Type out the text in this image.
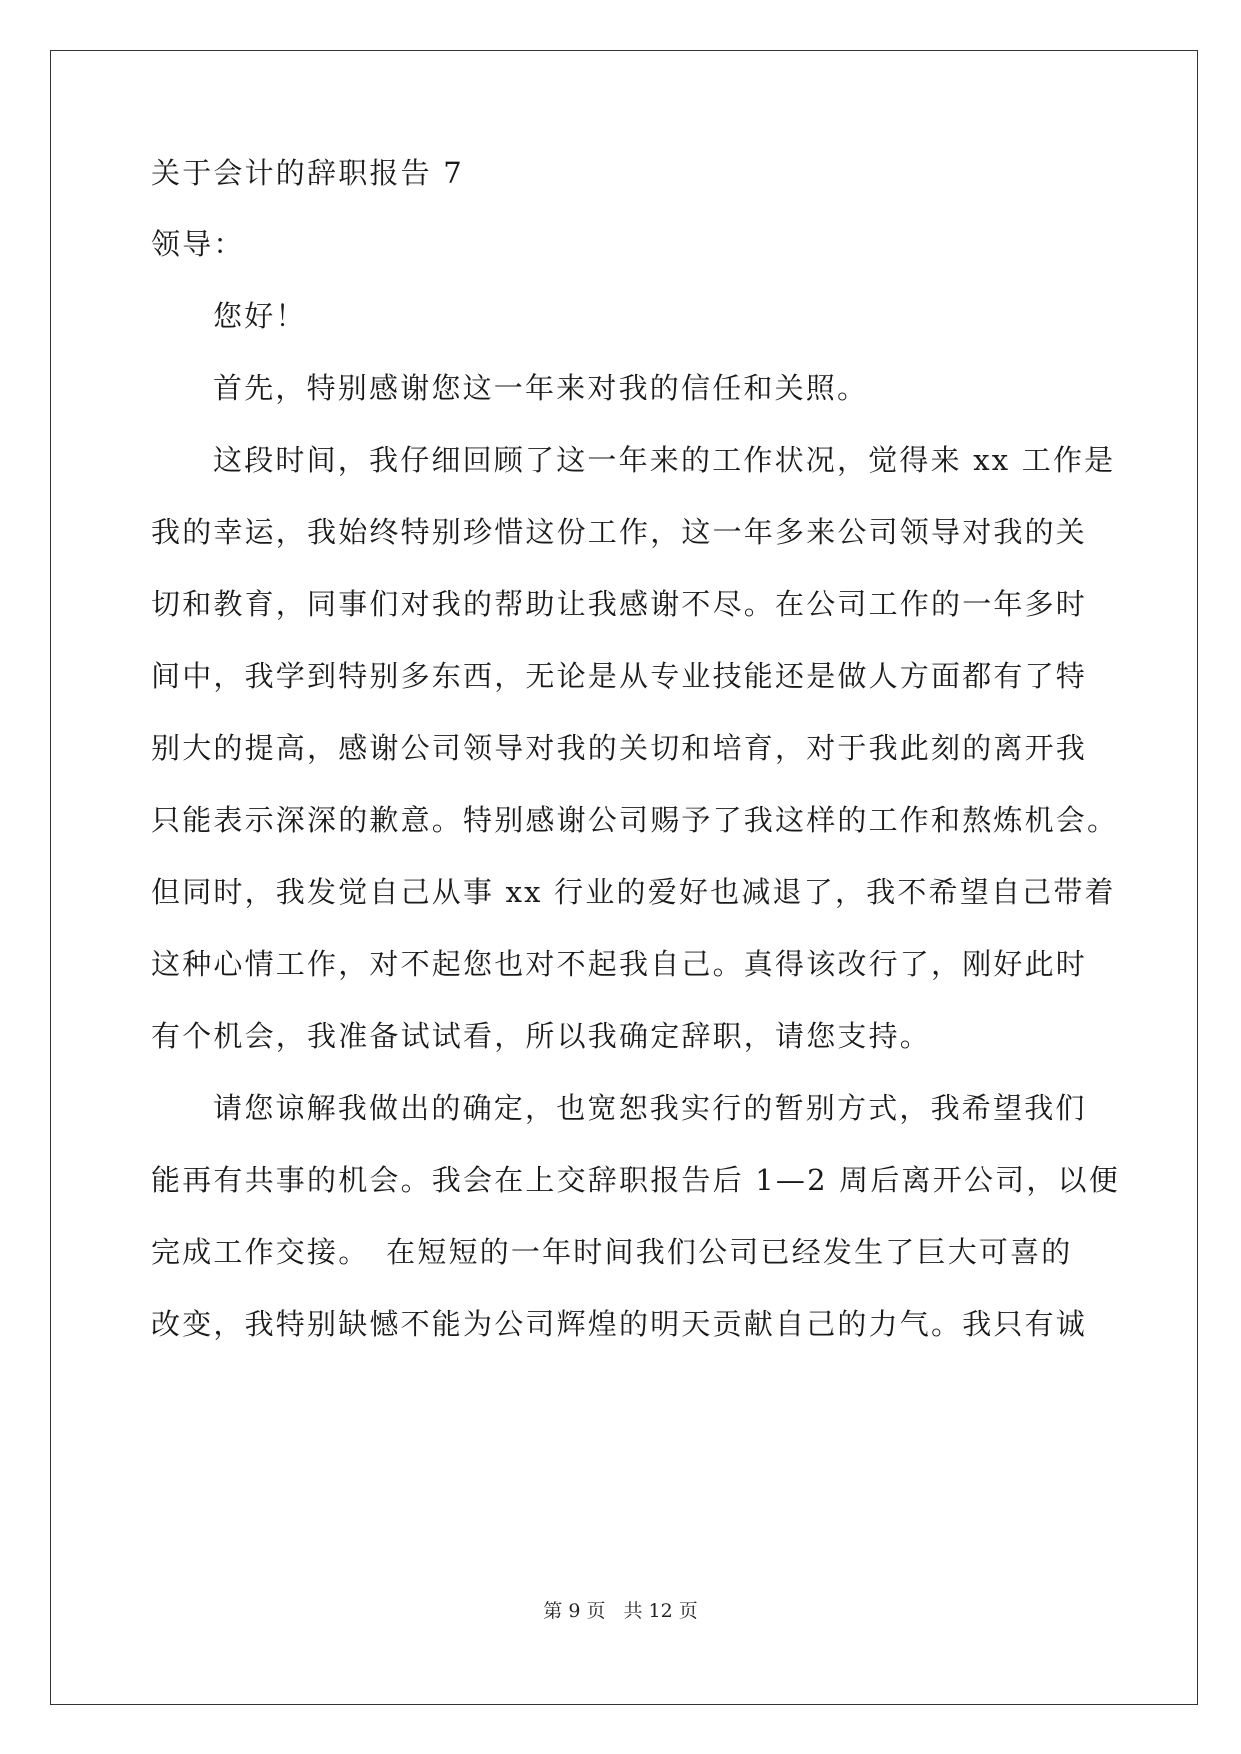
关于会计的辞职报告 7
领导：
您好！
首先，特别感谢您这一年来对我的信任和关照。
这段时间，我仔细回顾了这一年来的工作状况，觉得来 xx 工作是
我的幸运，我始终特别珍惜这份工作，这一年多来公司领导对我的关
切和教育，同事们对我的帮助让我感谢不尽。在公司工作的一年多时
间中，我学到特别多东西，无论是从专业技能还是做人方面都有了特
别大的提高，感谢公司领导对我的关切和培育，对于我此刻的离开我
只能表示深深的歉意。特别感谢公司赐予了我这样的工作和熬炼机会。
但同时，我发觉自己从事 xx 行业的爱好也减退了，我不希望自己带着
这种心情工作，对不起您也对不起我自己。真得该改行了，刚好此时
有个机会，我准备试试看，所以我确定辞职，请您支持。
请您谅解我做出的确定，也宽恕我实行的暂别方式，我希望我们
能再有共事的机会。我会在上交辞职报告后 1—2 周后离开公司，以便
完成工作交接。　在短短的一年时间我们公司已经发生了巨大可喜的
改变，我特别缺憾不能为公司辉煌的明天贡献自己的力气。我只有诚
第 9 页 共 12 页
